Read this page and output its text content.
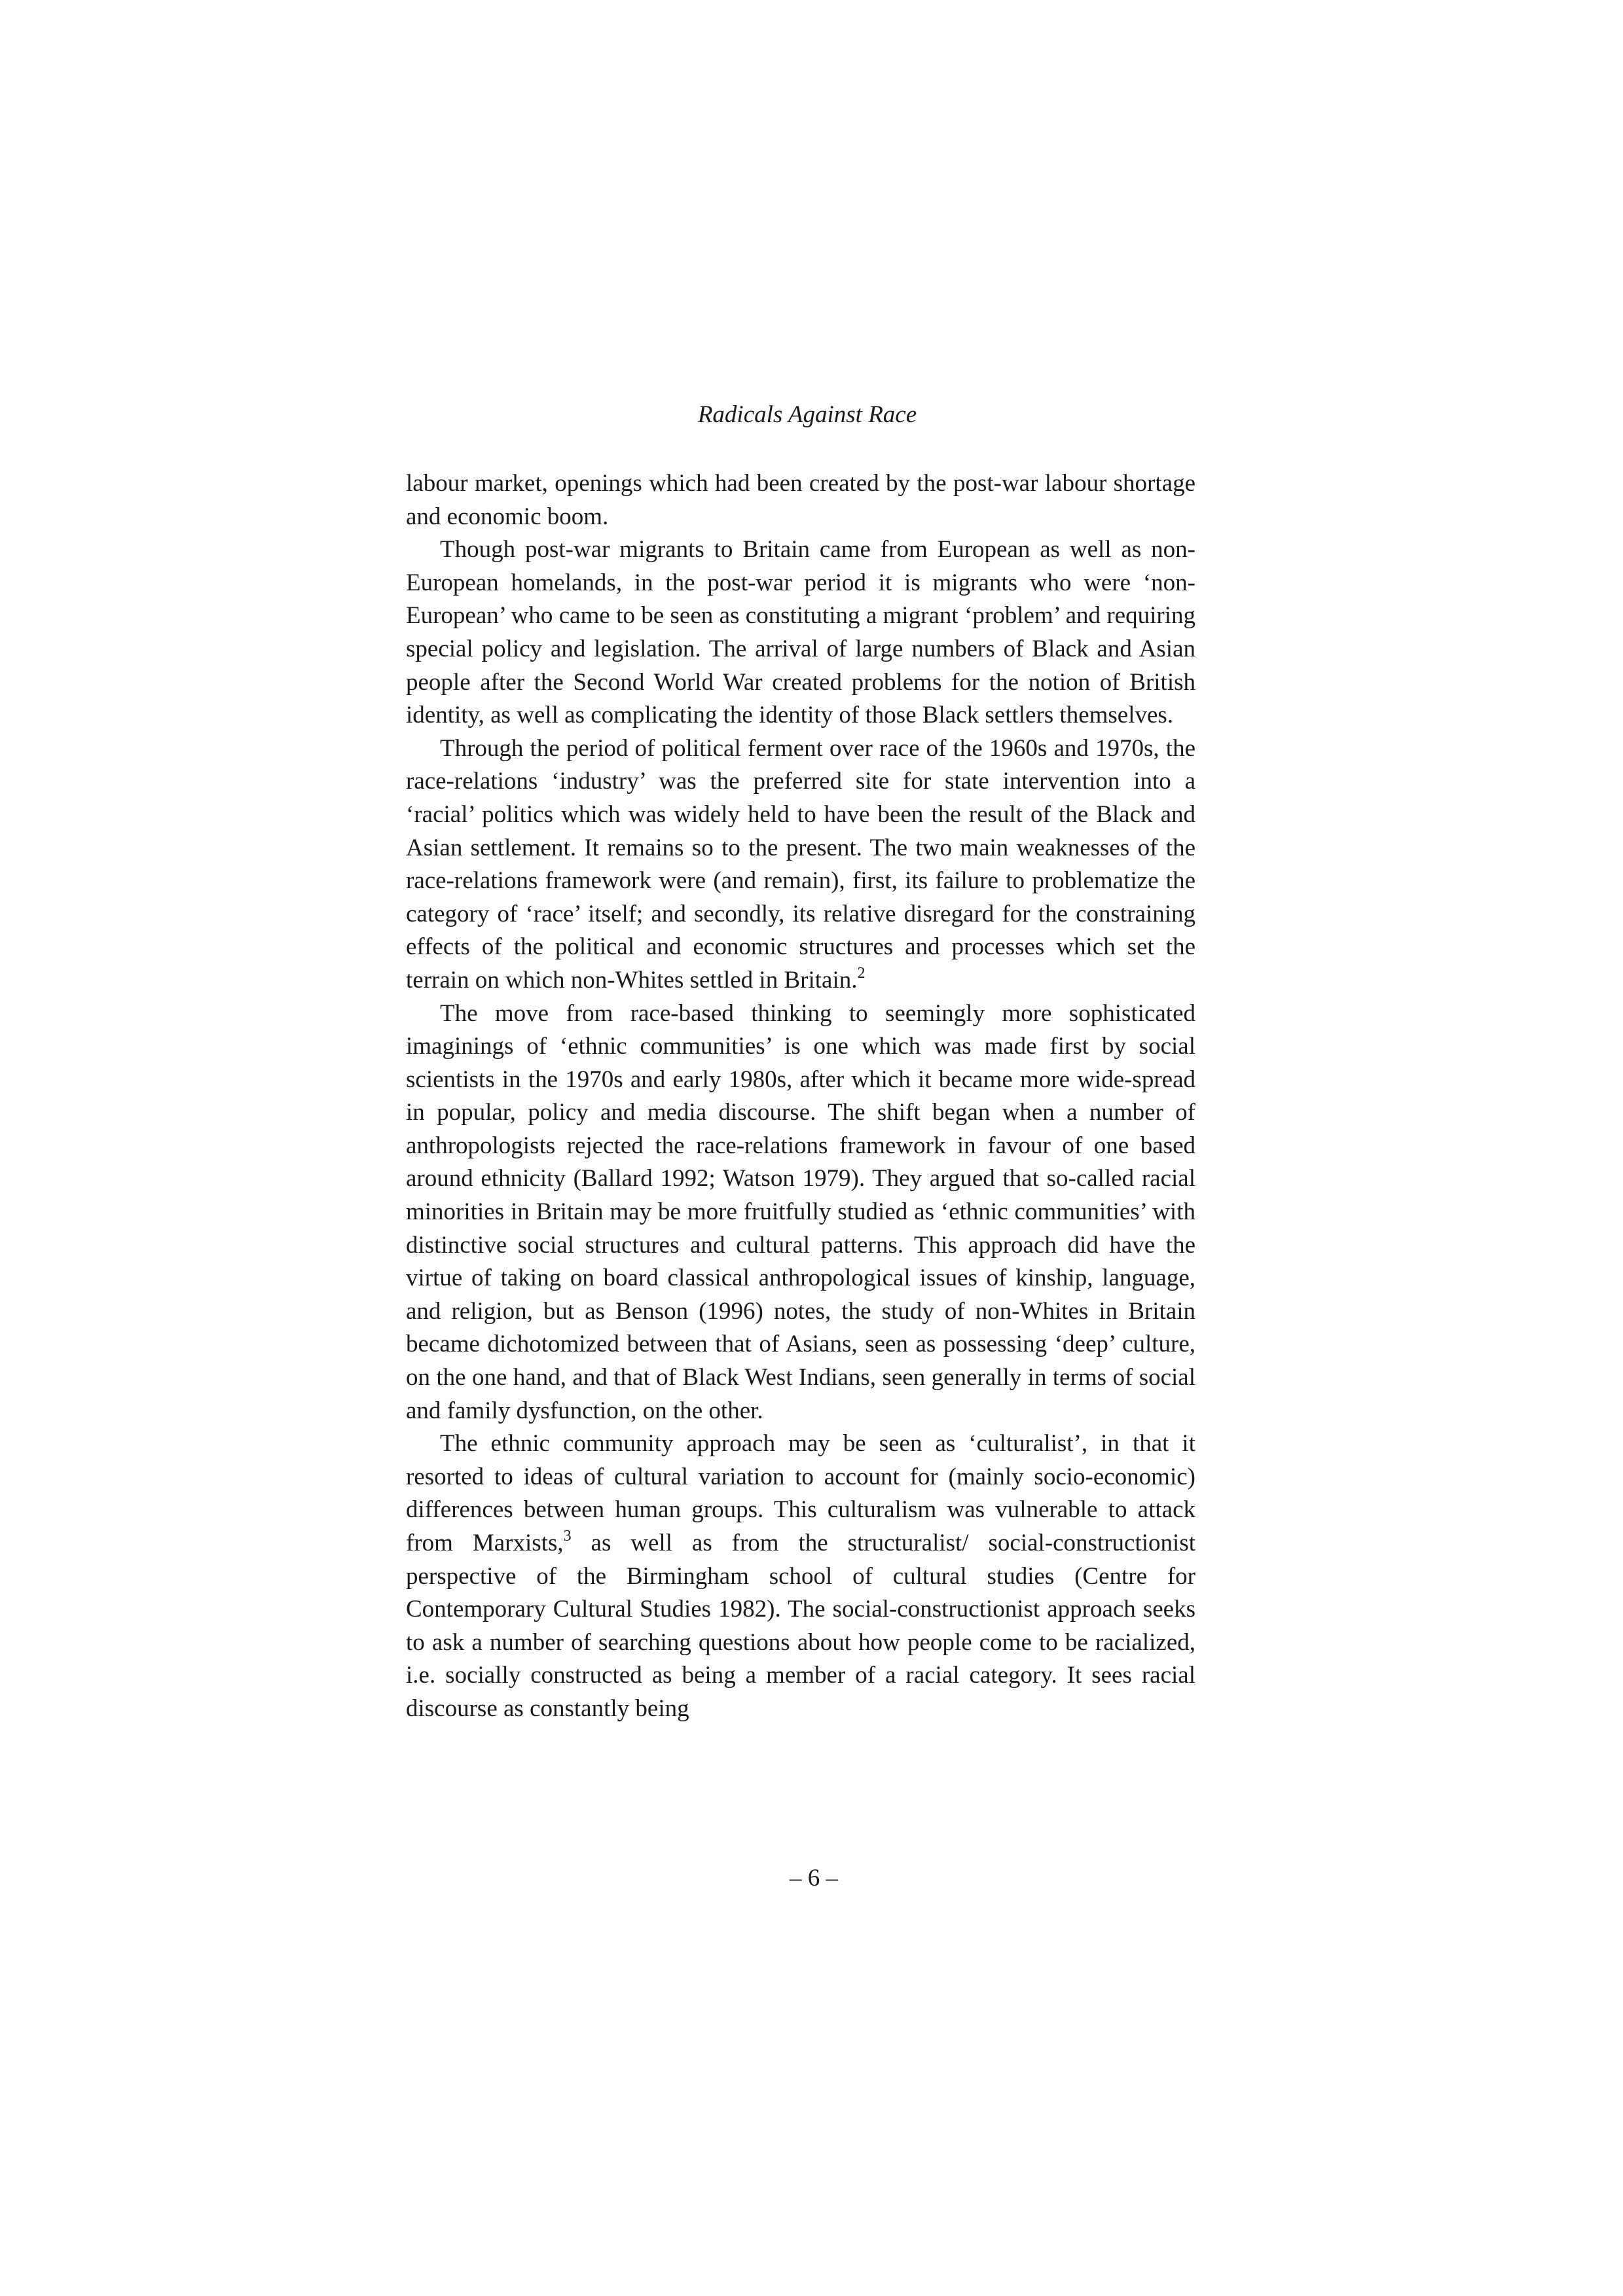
Radicals Against Race

labour market, openings which had been created by the post-war labour shortage and economic boom.

Though post-war migrants to Britain came from European as well as non-European homelands, in the post-war period it is migrants who were ‘non-European’ who came to be seen as constituting a migrant ‘problem’ and requiring special policy and legislation. The arrival of large numbers of Black and Asian people after the Second World War created problems for the notion of British identity, as well as complicating the identity of those Black settlers themselves.

Through the period of political ferment over race of the 1960s and 1970s, the race-relations ‘industry’ was the preferred site for state intervention into a ‘racial’ politics which was widely held to have been the result of the Black and Asian settlement. It remains so to the present. The two main weaknesses of the race-relations framework were (and remain), first, its failure to problematize the category of ‘race’ itself; and secondly, its relative disregard for the constraining effects of the political and economic structures and processes which set the terrain on which non-Whites settled in Britain.$^2$

The move from race-based thinking to seemingly more sophisticated imaginings of ‘ethnic communities’ is one which was made first by social scientists in the 1970s and early 1980s, after which it became more wide-spread in popular, policy and media discourse. The shift began when a number of anthropologists rejected the race-relations framework in favour of one based around ethnicity (Ballard 1992; Watson 1979). They argued that so-called racial minorities in Britain may be more fruitfully studied as ‘ethnic communities’ with distinctive social structures and cultural patterns. This approach did have the virtue of taking on board classical anthropological issues of kinship, language, and religion, but as Benson (1996) notes, the study of non-Whites in Britain became dichotomized between that of Asians, seen as possessing ‘deep’ culture, on the one hand, and that of Black West Indians, seen generally in terms of social and family dysfunction, on the other.

The ethnic community approach may be seen as ‘culturalist’, in that it resorted to ideas of cultural variation to account for (mainly socio-economic) differences between human groups. This culturalism was vulnerable to attack from Marxists,$^3$ as well as from the structuralist/ social-constructionist perspective of the Birmingham school of cultural studies (Centre for Contemporary Cultural Studies 1982). The social-constructionist approach seeks to ask a number of searching questions about how people come to be racialized, i.e. socially constructed as being a member of a racial category. It sees racial discourse as constantly being

– 6 –
